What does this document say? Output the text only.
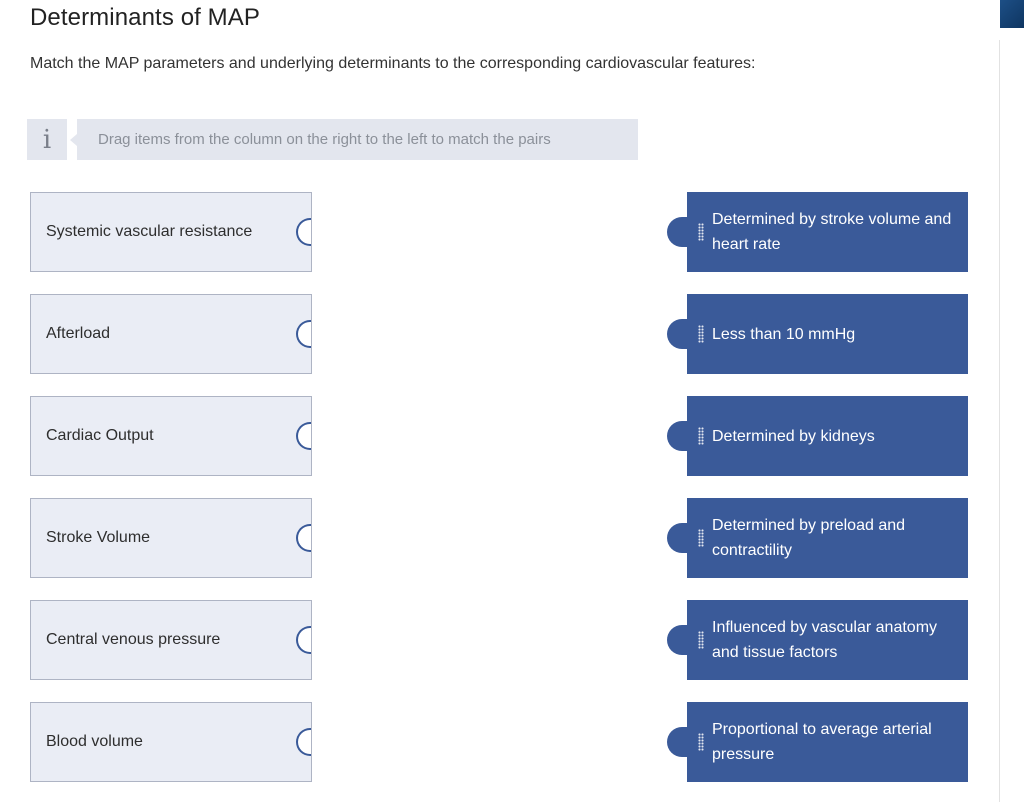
Determinants of MAP
Match the MAP parameters and underlying determinants to the corresponding cardiovascular features:
i	Drag items from the column on the right to the left to match the pairs
Systemic vascular resistance
Afterload
Cardiac Output
Stroke Volume
Central venous pressure
Blood volume
Determined by stroke volume and heart rate
Less than 10 mmHg
Determined by kidneys
Determined by preload and contractility
Influenced by vascular anatomy and tissue factors
Proportional to average arterial pressure
